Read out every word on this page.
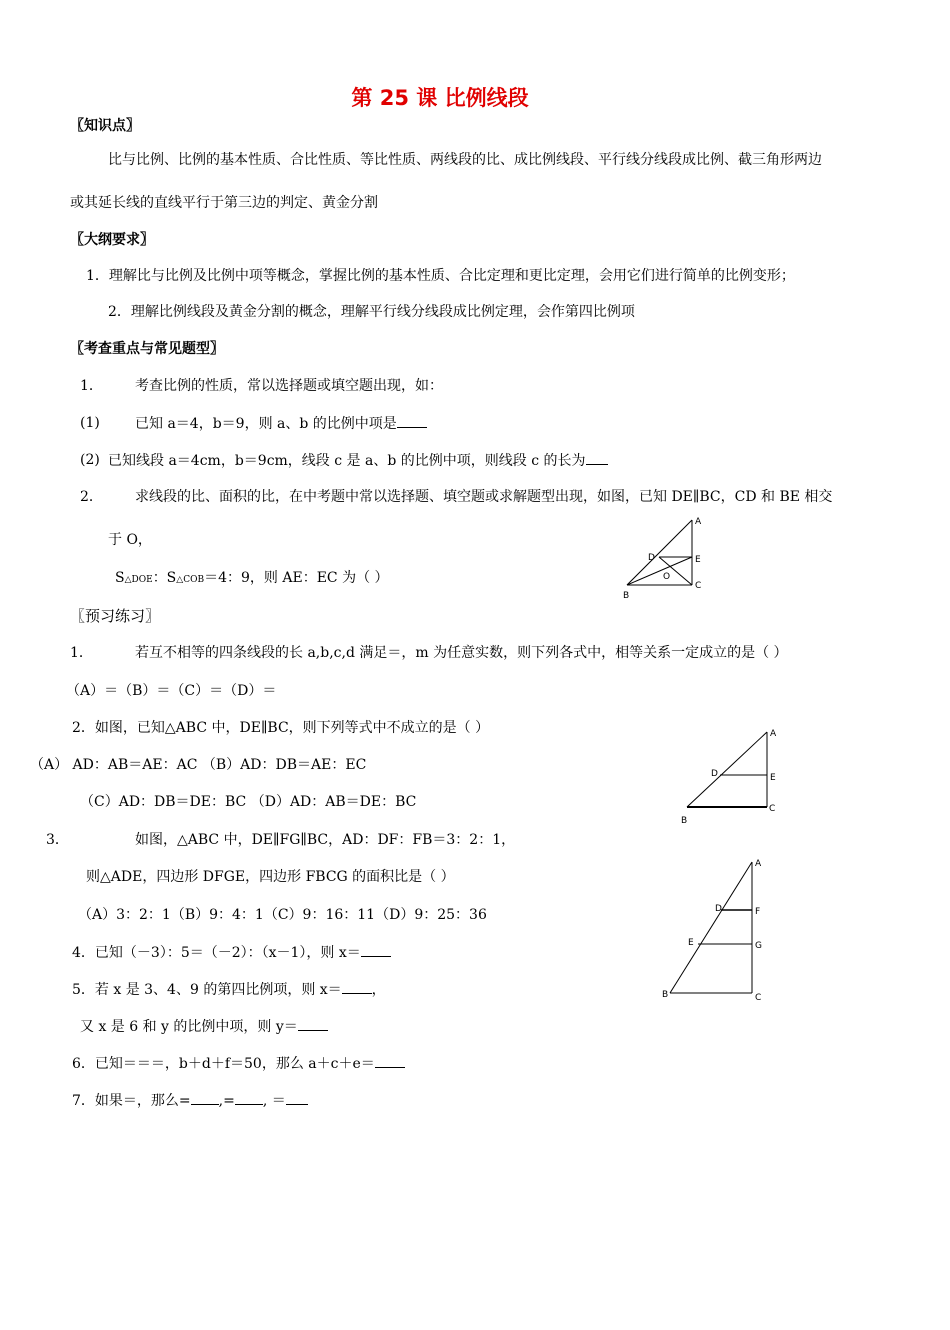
第 25 课 比例线段
〖知识点〗
比与比例、比例的基本性质、合比性质、等比性质、两线段的比、成比例线段、平行线分线段成比例、截三角形两边
或其延长线的直线平行于第三边的判定、黄金分割
〖大纲要求〗
1．理解比与比例及比例中项等概念，掌握比例的基本性质、合比定理和更比定理，会用它们进行简单的比例变形；
2．理解比例线段及黄金分割的概念，理解平行线分线段成比例定理，会作第四比例项
〖考查重点与常见题型〗
1． 考查比例的性质，常以选择题或填空题出现，如：
(1)	已知 a＝4，b＝9，则 a、b 的比例中项是
(2) 已知线段 a＝4cm，b＝9cm，线段 c 是 a、b 的比例中项，则线段 c 的长为
2． 求线段的比、面积的比，在中考题中常以选择题、填空题或求解题型出现，如图，已知 DE∥BC，CD 和 BE 相交
于 O，
S△DOE：S△COB＝4：9，则 AE：EC 为（ ）
A
D	E
O
C
B
〖预习练习〗
1．	若互不相等的四条线段的长 a,b,c,d 满足＝，m 为任意实数，则下列各式中，相等关系一定成立的是（ ）
（A）＝（B）＝（C）＝（D）＝
2．如图，已知△ABC 中，DE∥BC，则下列等式中不成立的是（ ）
（A） AD：AB＝AE：AC （B）AD：DB＝AE：EC
（C）AD：DB＝DE：BC （D）AD：AB＝DE：BC
A
D	E
C
B
3．	如图，△ABC 中，DE∥FG∥BC，AD：DF：FB＝3：2：1，
则△ADE，四边形 DFGE，四边形 FBCG 的面积比是（ ）
（A）3：2：1（B）9：4：1（C）9：16：11（D）9：25：36
A
D	F
E	G
C
B
4．已知（－3）：5＝（－2）：（x－1），则 x＝
5．若 x 是 3、4、9 的第四比例项，则 x＝ ，
又 x 是 6 和 y 的比例中项，则 y＝
6．已知＝＝＝，b＋d＋f＝50，那么 a＋c＋e＝
7．如果＝，那么= ,= , ＝
